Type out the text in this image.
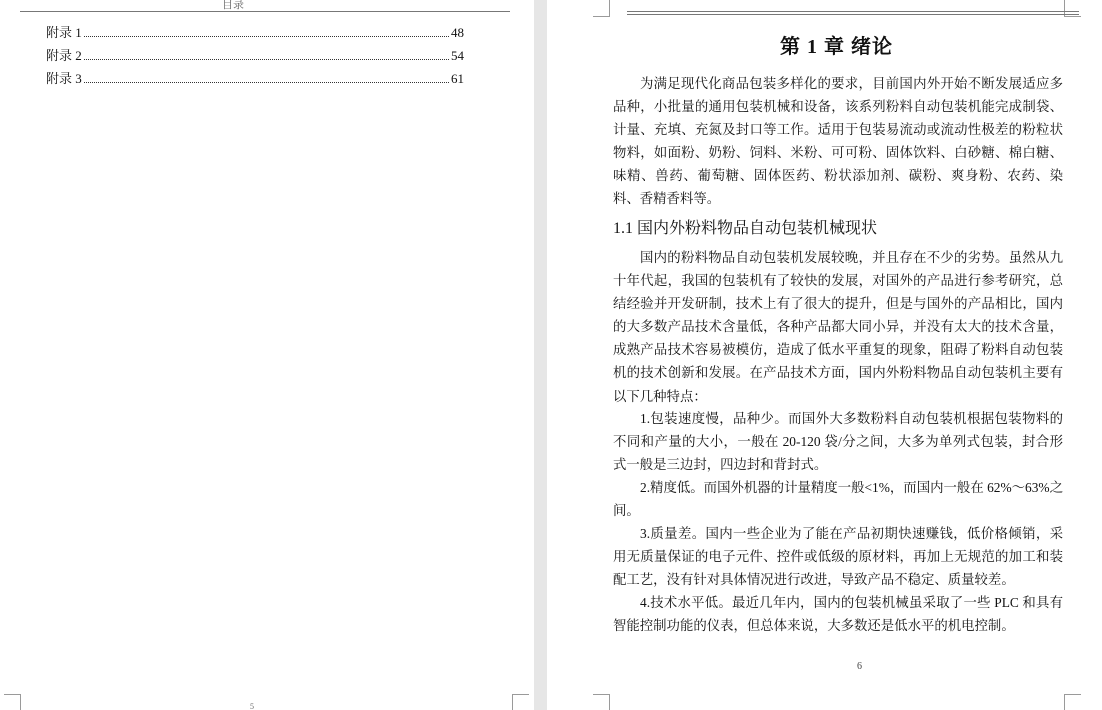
目录
附录 1	48
附录 2	54
附录 3	61
5
第 1 章 绪论

为满足现代化商品包装多样化的要求，目前国内外开始不断发展适应多品种，小批量的通用包装机械和设备，该系列粉料自动包装机能完成制袋、计量、充填、充氮及封口等工作。适用于包装易流动或流动性极差的粉粒状物料，如面粉、奶粉、饲料、米粉、可可粉、固体饮料、白砂糖、棉白糖、味精、兽药、葡萄糖、固体医药、粉状添加剂、碳粉、爽身粉、农药、染料、香精香料等。

1.1 国内外粉料物品自动包装机械现状

国内的粉料物品自动包装机发展较晚，并且存在不少的劣势。虽然从九十年代起，我国的包装机有了较快的发展，对国外的产品进行参考研究，总结经验并开发研制，技术上有了很大的提升，但是与国外的产品相比，国内的大多数产品技术含量低，各种产品都大同小异，并没有太大的技术含量，成熟产品技术容易被模仿，造成了低水平重复的现象，阻碍了粉料自动包装机的技术创新和发展。在产品技术方面，国内外粉料物品自动包装机主要有以下几种特点：

1.包装速度慢，品种少。而国外大多数粉料自动包装机根据包装物料的不同和产量的大小，一般在 20-120 袋/分之间，大多为单列式包装，封合形式一般是三边封，四边封和背封式。

2.精度低。而国外机器的计量精度一般<1%，而国内一般在 62%～63%之间。

3.质量差。国内一些企业为了能在产品初期快速赚钱，低价格倾销，采用无质量保证的电子元件、控件或低级的原材料，再加上无规范的加工和装配工艺，没有针对具体情况进行改进，导致产品不稳定、质量较差。

4.技术水平低。最近几年内，国内的包装机械虽采取了一些 PLC 和具有智能控制功能的仪表，但总体来说，大多数还是低水平的机电控制。

6
